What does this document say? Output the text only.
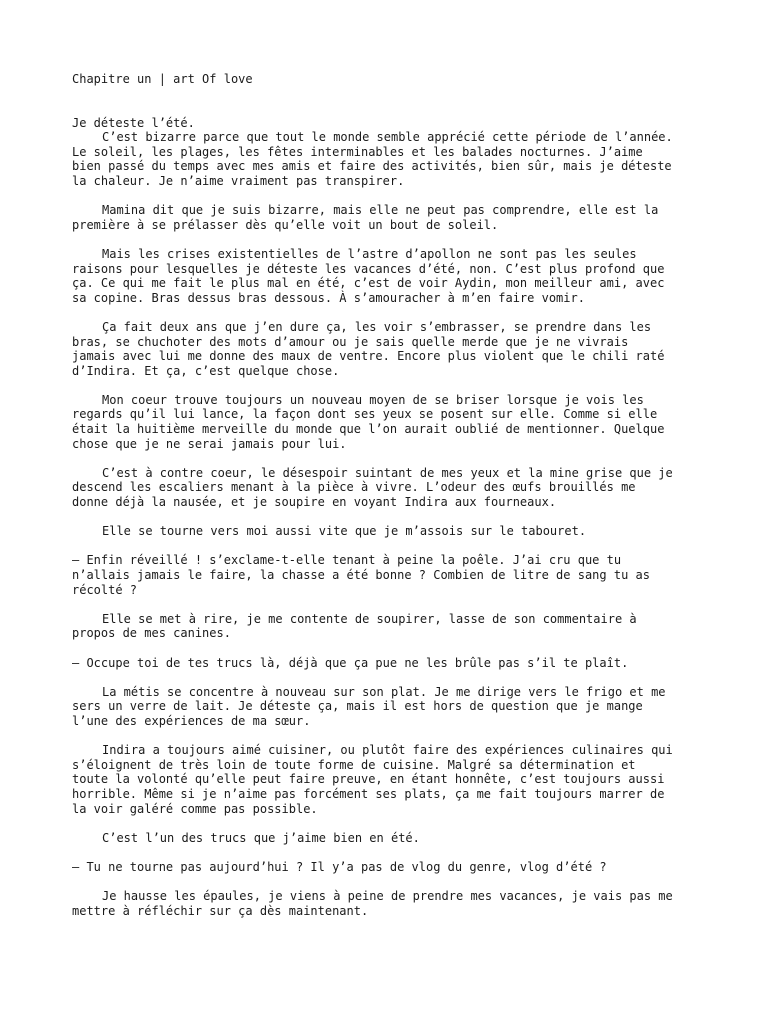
Chapitre un | art Of love

Je déteste l’été.

C’est bizarre parce que tout le monde semble apprécié cette période de l’année.
Le soleil, les plages, les fêtes interminables et les balades nocturnes. J’aime
bien passé du temps avec mes amis et faire des activités, bien sûr, mais je déteste
la chaleur. Je n’aime vraiment pas transpirer.

Mamina dit que je suis bizarre, mais elle ne peut pas comprendre, elle est la
première à se prélasser dès qu’elle voit un bout de soleil.

Mais les crises existentielles de l’astre d’apollon ne sont pas les seules
raisons pour lesquelles je déteste les vacances d’été, non. C’est plus profond que
ça. Ce qui me fait le plus mal en été, c’est de voir Aydin, mon meilleur ami, avec
sa copine. Bras dessus bras dessous. À s’amouracher à m’en faire vomir.

Ça fait deux ans que j’en dure ça, les voir s’embrasser, se prendre dans les
bras, se chuchoter des mots d’amour ou je sais quelle merde que je ne vivrais
jamais avec lui me donne des maux de ventre. Encore plus violent que le chili raté
d’Indira. Et ça, c’est quelque chose.

Mon coeur trouve toujours un nouveau moyen de se briser lorsque je vois les
regards qu’il lui lance, la façon dont ses yeux se posent sur elle. Comme si elle
était la huitième merveille du monde que l’on aurait oublié de mentionner. Quelque
chose que je ne serai jamais pour lui.

C’est à contre coeur, le désespoir suintant de mes yeux et la mine grise que je
descend les escaliers menant à la pièce à vivre. L’odeur des œufs brouillés me
donne déjà la nausée, et je soupire en voyant Indira aux fourneaux.

Elle se tourne vers moi aussi vite que je m’assois sur le tabouret.

— Enfin réveillé ! s’exclame-t-elle tenant à peine la poêle. J’ai cru que tu
n’allais jamais le faire, la chasse a été bonne ? Combien de litre de sang tu as
récolté ?

Elle se met à rire, je me contente de soupirer, lasse de son commentaire à
propos de mes canines.

— Occupe toi de tes trucs là, déjà que ça pue ne les brûle pas s’il te plaît.

La métis se concentre à nouveau sur son plat. Je me dirige vers le frigo et me
sers un verre de lait. Je déteste ça, mais il est hors de question que je mange
l’une des expériences de ma sœur.

Indira a toujours aimé cuisiner, ou plutôt faire des expériences culinaires qui
s’éloignent de très loin de toute forme de cuisine. Malgré sa détermination et
toute la volonté qu’elle peut faire preuve, en étant honnête, c’est toujours aussi
horrible. Même si je n’aime pas forcément ses plats, ça me fait toujours marrer de
la voir galéré comme pas possible.

C’est l’un des trucs que j’aime bien en été.

— Tu ne tourne pas aujourd’hui ? Il y’a pas de vlog du genre, vlog d’été ?

Je hausse les épaules, je viens à peine de prendre mes vacances, je vais pas me
mettre à réfléchir sur ça dès maintenant.
